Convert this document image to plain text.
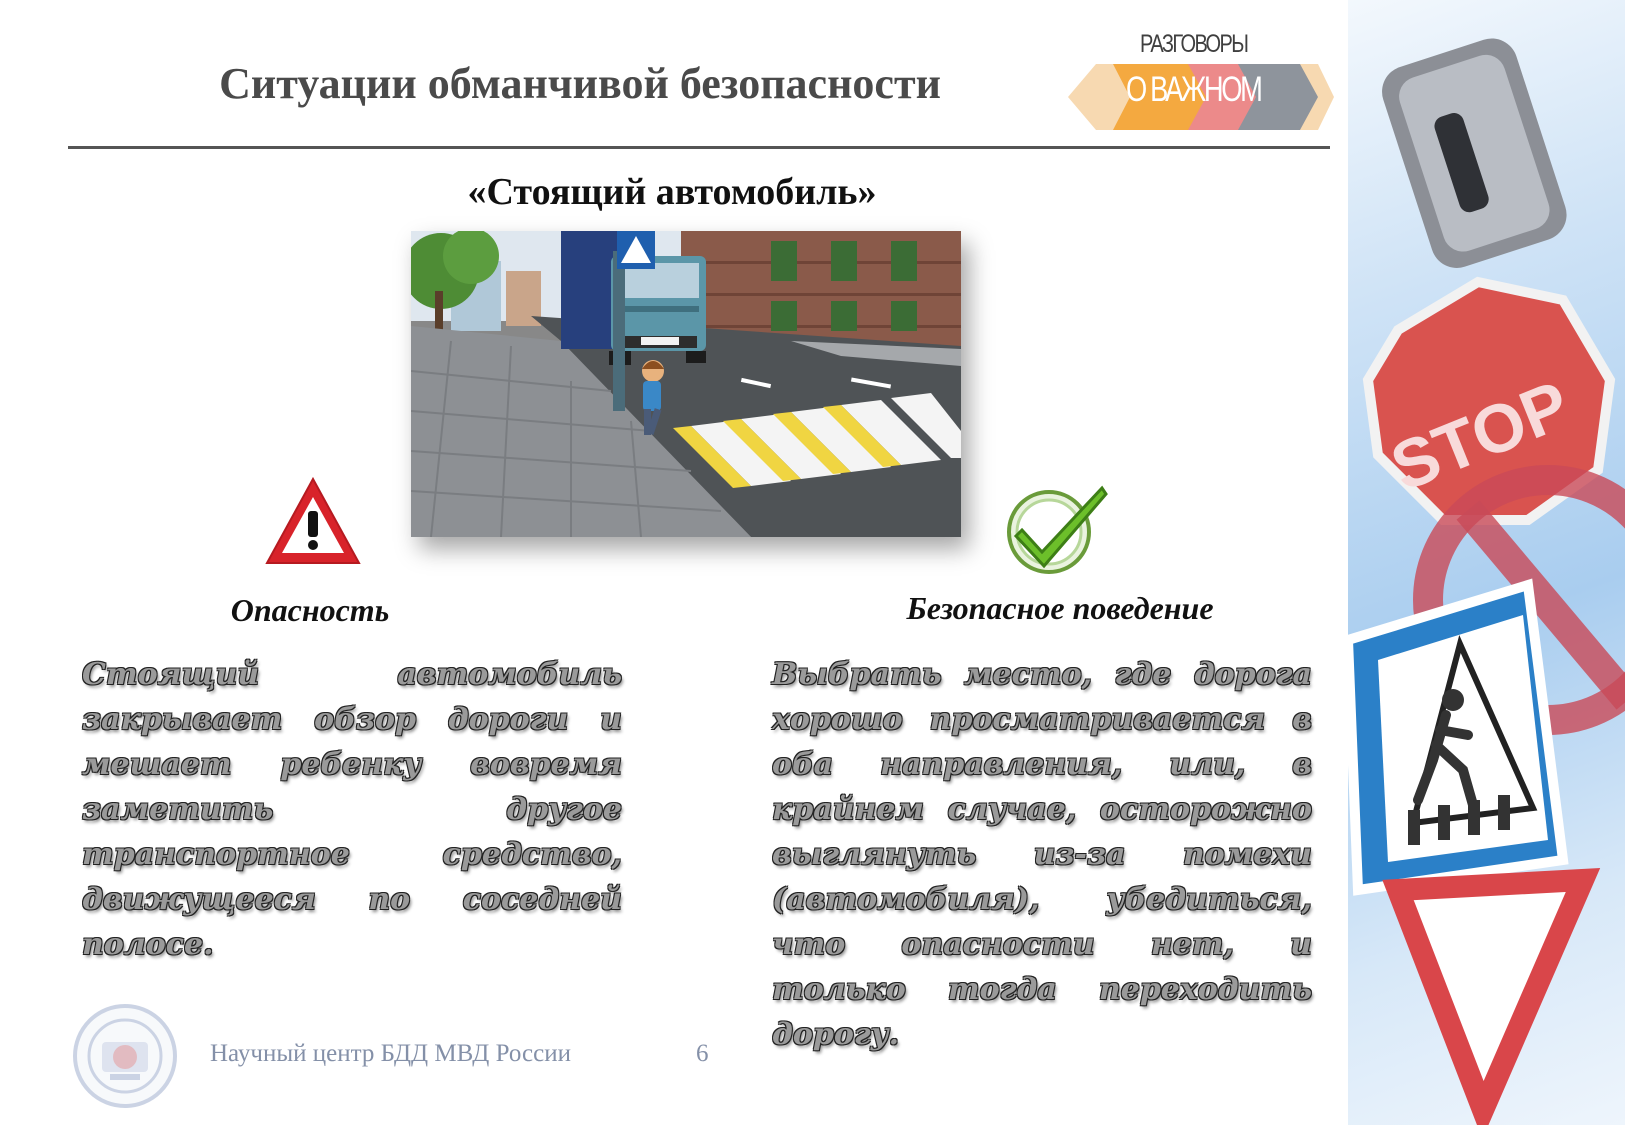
STOP
Ситуации обманчивой безопасности
РАЗГОВОРЫ
О ВАЖНОМ
«Стоящий автомобиль»
Опасность	Безопасное поведение

Стоящий автомобиль закрывает обзор дороги и мешает ребенку вовремя заметить другое транспортное средство, движущееся по соседней полосе.

Выбрать место, где дорога хорошо просматривается в оба направления, или, в крайнем случае, осторожно выглянуть из-за помехи (автомобиля), убедиться, что опасности нет, и только тогда переходить дорогу.

Научный центр БДД МВД России	6
